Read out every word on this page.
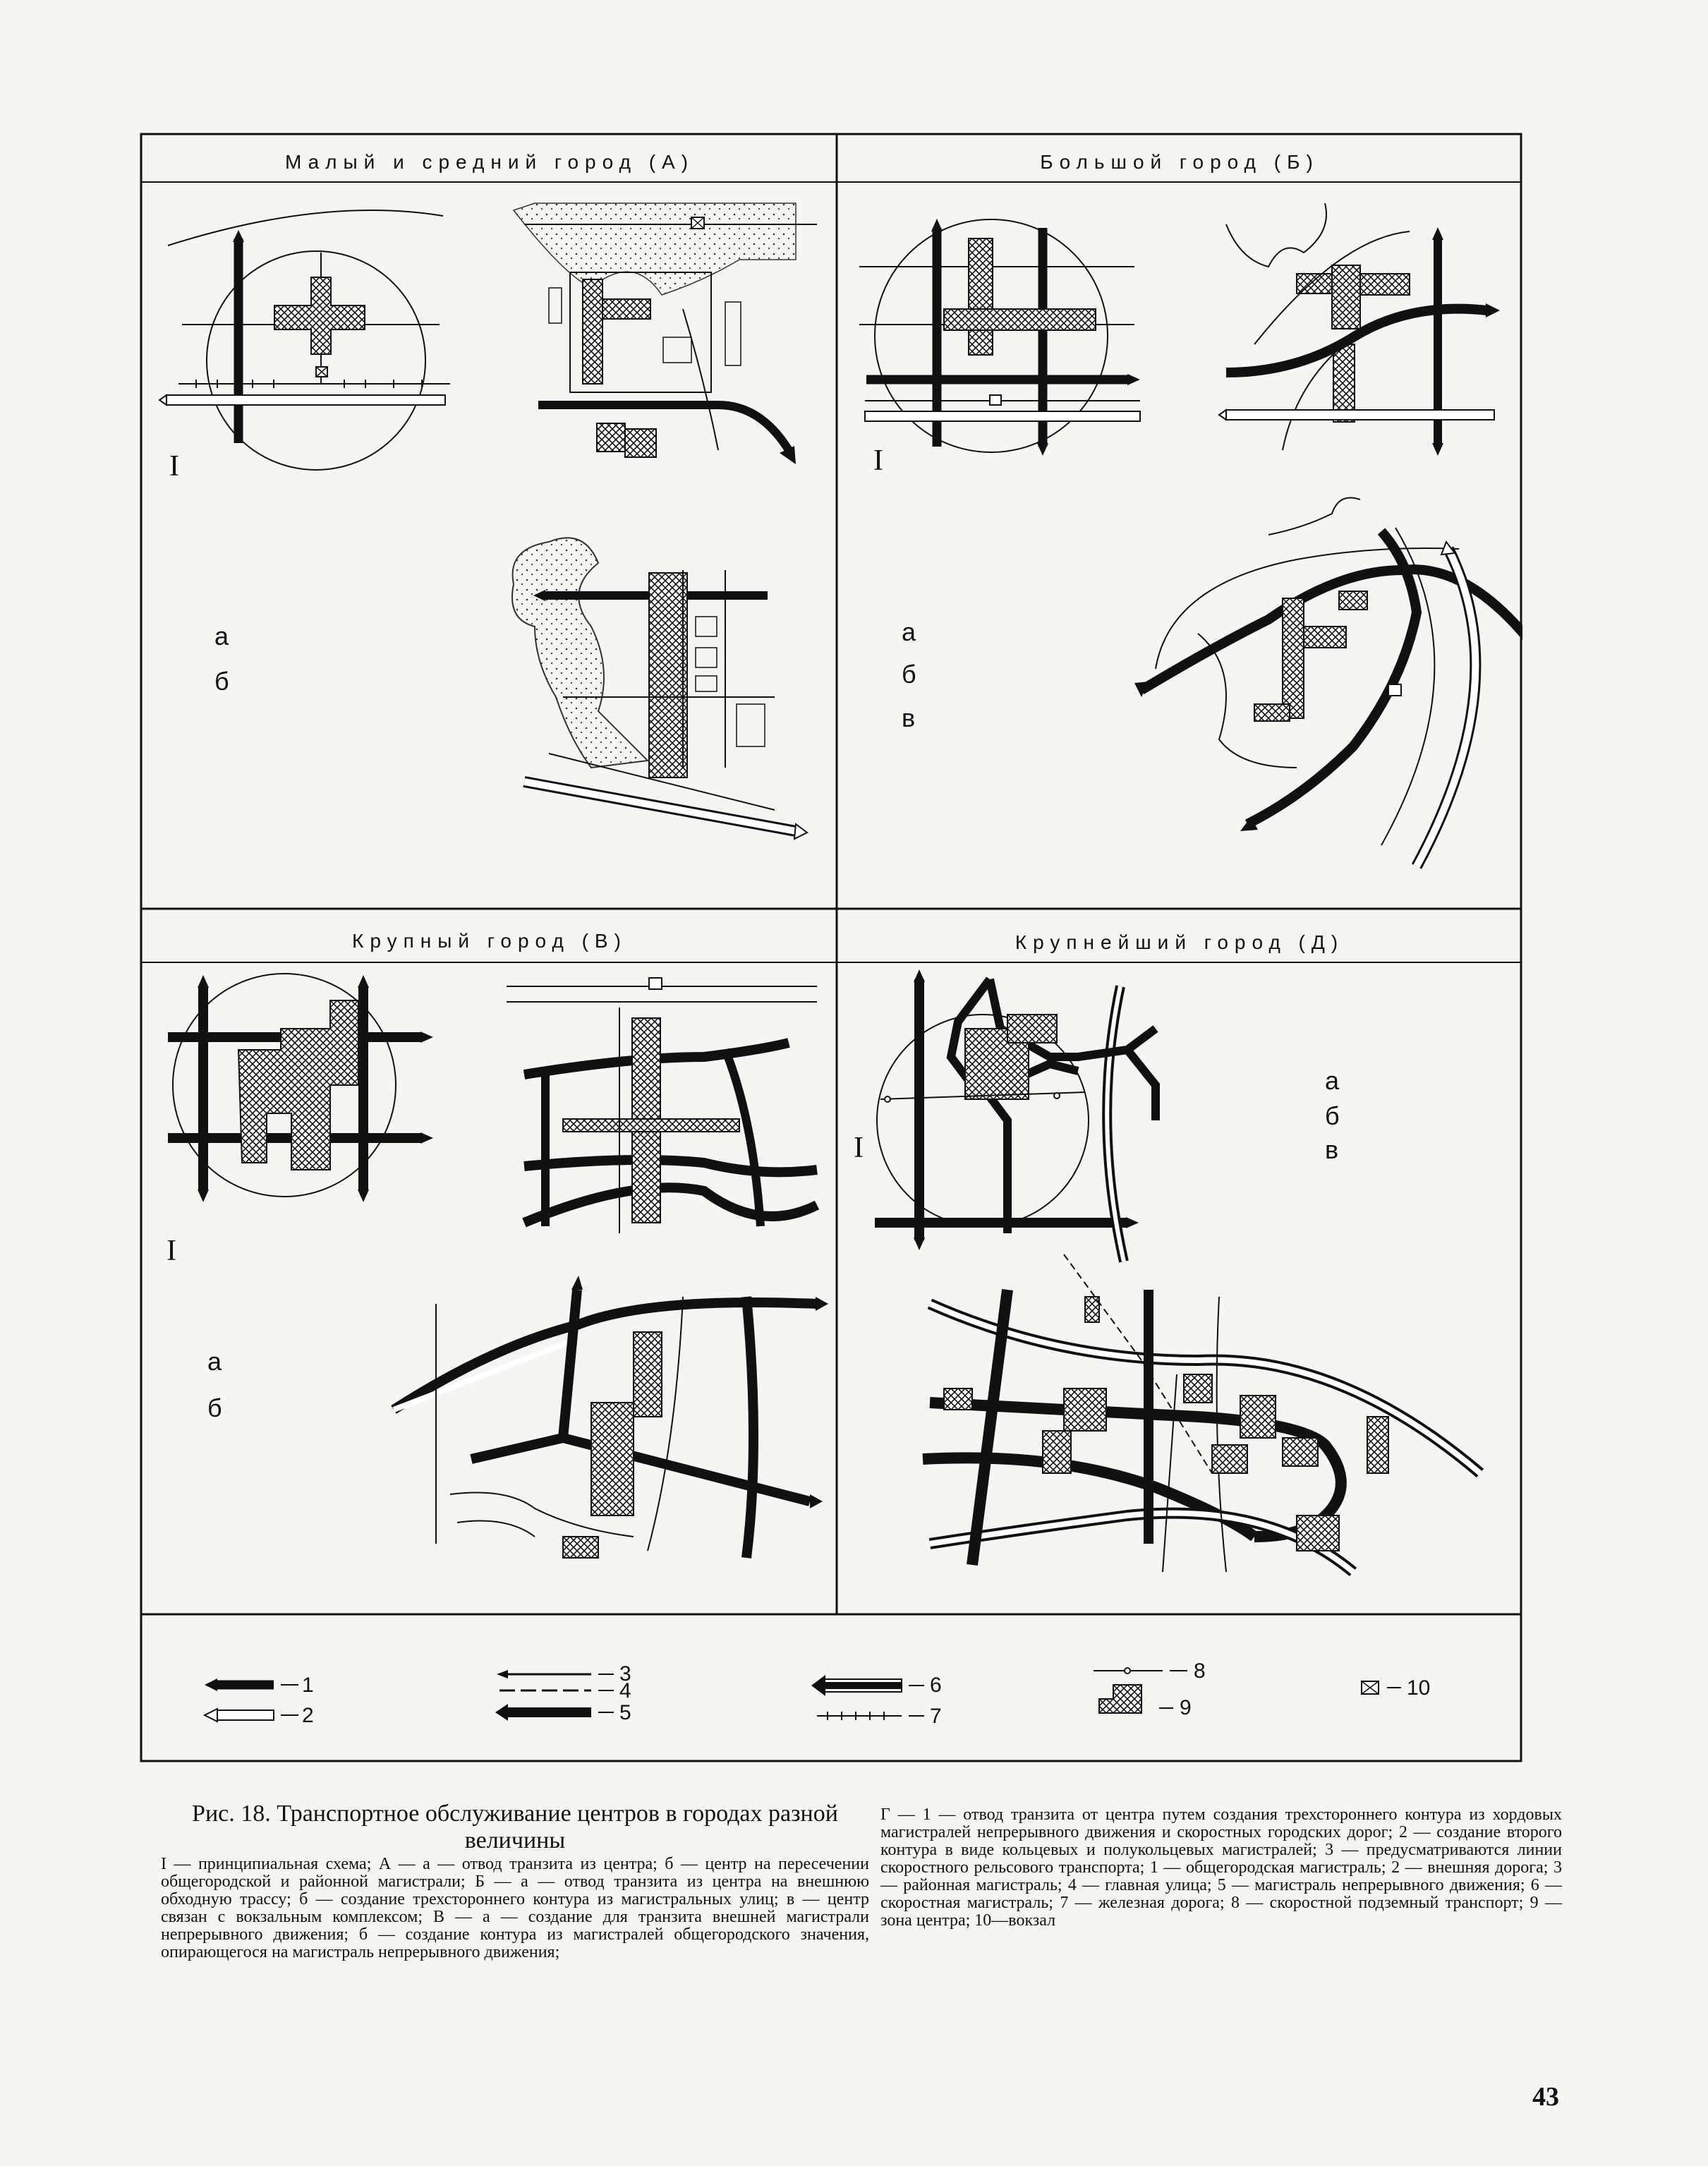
Малый и средний город (А)	Большой город (Б)
Крупный город (В)	Крупнейший город (Д)
I
а
б
I
а
б
в
I
а
б
I
а
б
в
1
2
3
4
5
6
7
8
9
10
Рис. 18. Транспортное обслуживание центров в городах разной величины
I — принципиальная схема; А — а — отвод транзита из центра; б — центр на пересечении общегородской и районной магистрали; Б — а — отвод транзита из центра на внешнюю обходную трассу; б — создание трехстороннего контура из магистральных улиц; в — центр связан с вокзальным комплексом; В — а — создание для транзита внешней магистрали непрерывного движения; б — создание контура из магистралей общегородского значения, опирающегося на магистраль непрерывного движения;
Г — 1 — отвод транзита от центра путем создания трехстороннего контура из хордовых магистралей непрерывного движения и скоростных городских дорог; 2 — создание второго контура в виде кольцевых и полукольцевых магистралей; 3 — предусматриваются линии скоростного рельсового транспорта; 1 — общегородская магистраль; 2 — внешняя дорога; 3 — районная магистраль; 4 — главная улица; 5 — магистраль непрерывного движения; 6 — скоростная магистраль; 7 — железная дорога; 8 — скоростной подземный транспорт; 9 — зона центра; 10—вокзал
43
